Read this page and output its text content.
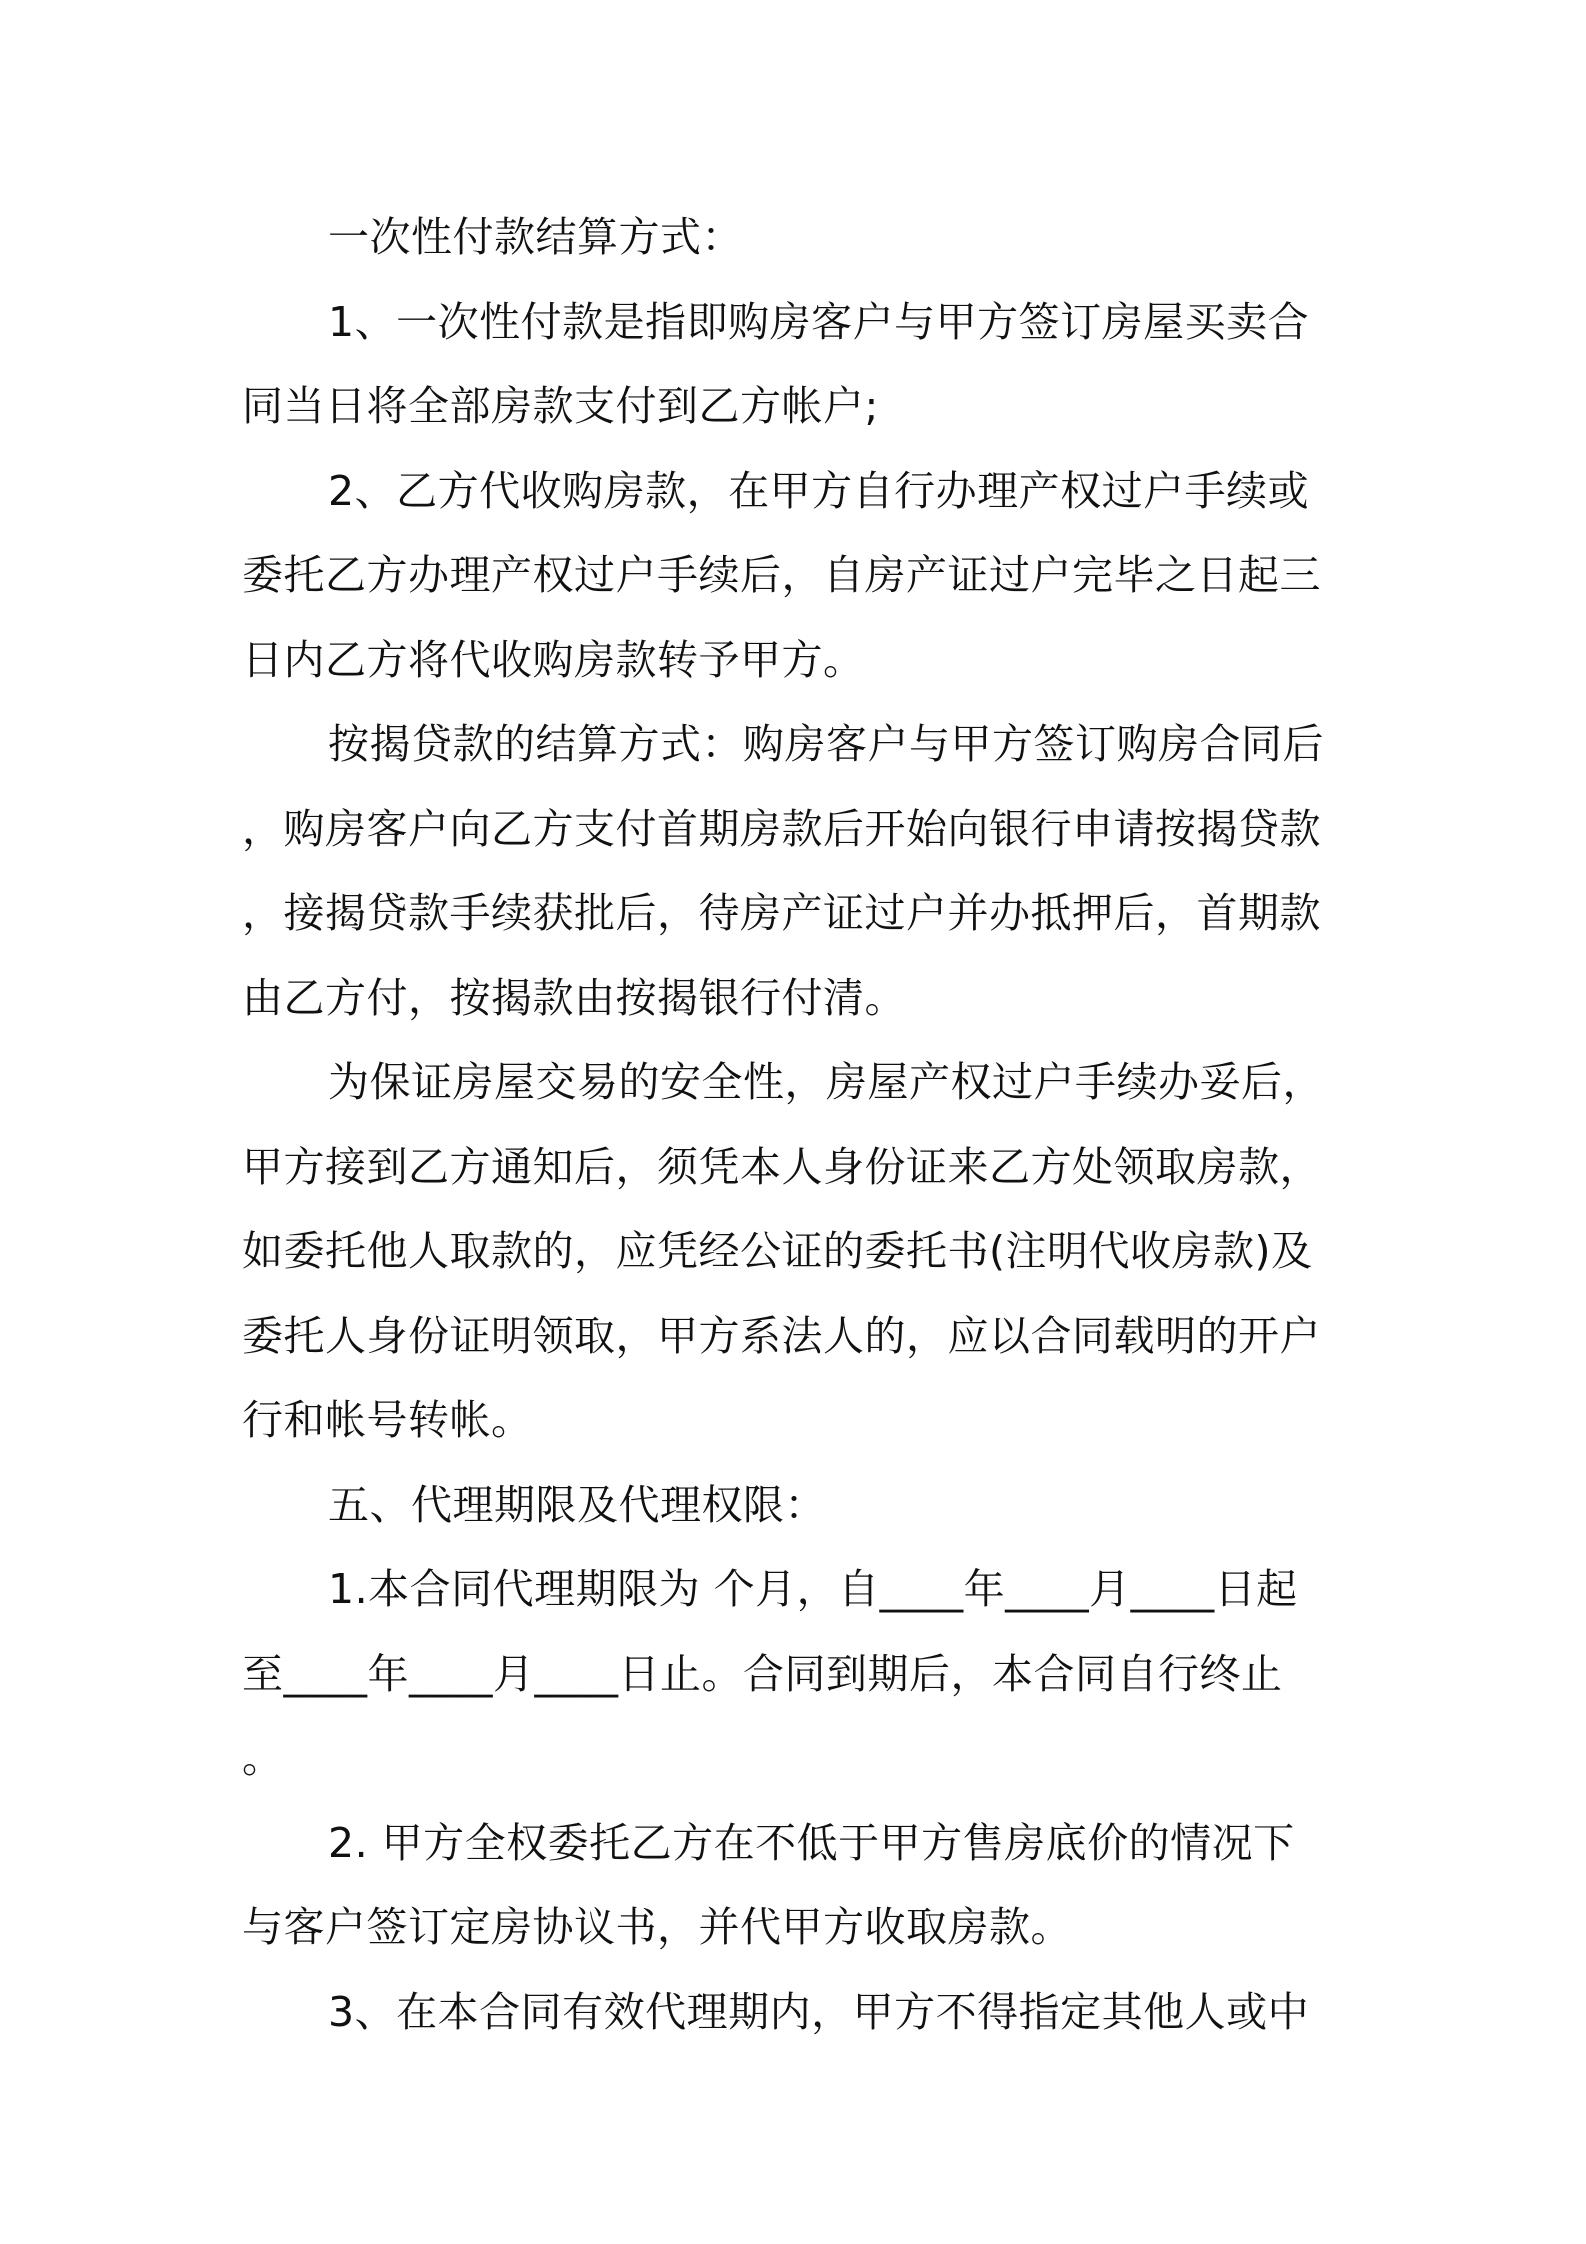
一次性付款结算方式：
1、一次性付款是指即购房客户与甲方签订房屋买卖合
同当日将全部房款支付到乙方帐户;
2、乙方代收购房款，在甲方自行办理产权过户手续或
委托乙方办理产权过户手续后，自房产证过户完毕之日起三
日内乙方将代收购房款转予甲方。
按揭贷款的结算方式：购房客户与甲方签订购房合同后
，购房客户向乙方支付首期房款后开始向银行申请按揭贷款
，接揭贷款手续获批后，待房产证过户并办抵押后，首期款
由乙方付，按揭款由按揭银行付清。
为保证房屋交易的安全性，房屋产权过户手续办妥后，
甲方接到乙方通知后，须凭本人身份证来乙方处领取房款，
如委托他人取款的，应凭经公证的委托书(注明代收房款)及
委托人身份证明领取，甲方系法人的，应以合同载明的开户
行和帐号转帐。
五、代理期限及代理权限：
1.本合同代理期限为 个月，自____年____月____日起
至____年____月____日止。合同到期后，本合同自行终止
。
2. 甲方全权委托乙方在不低于甲方售房底价的情况下
与客户签订定房协议书，并代甲方收取房款。
3、在本合同有效代理期内，甲方不得指定其他人或中
